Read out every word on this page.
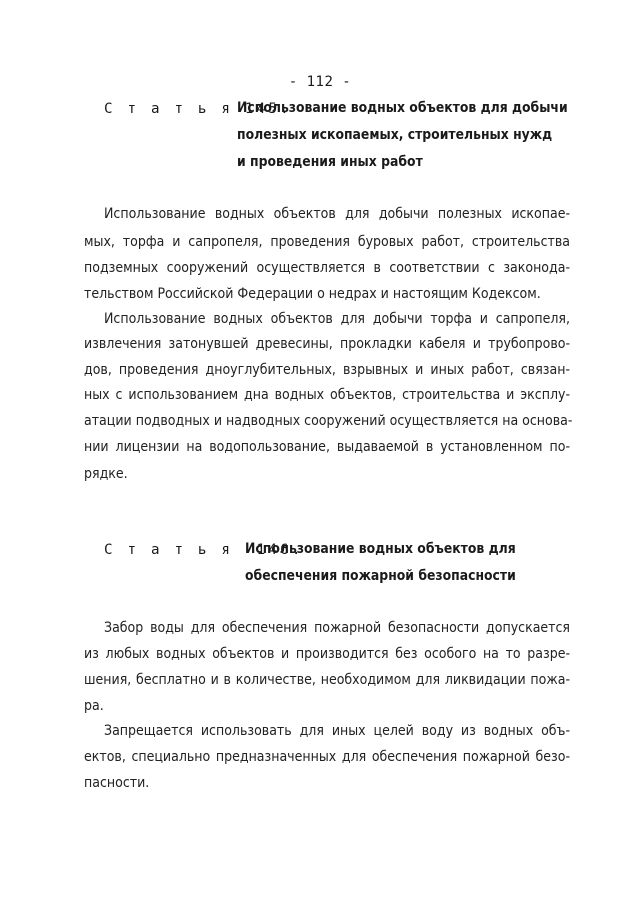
- 112 -
С т а т ь я 145.
Использование водных объектов для добычи
полезных ископаемых, строительных нужд
и проведения иных работ
Использование водных объектов для добычи полезных ископае-
мых, торфа и сапропеля, проведения буровых работ, строительства
подземных сооружений осуществляется в соответствии с законода-
тельством Российской Федерации о недрах и настоящим Кодексом.
Использование водных объектов для добычи торфа и сапропеля,
извлечения затонувшей древесины, прокладки кабеля и трубопрово-
дов, проведения дноуглубительных, взрывных и иных работ, связан-
ных с использованием дна водных объектов, строительства и эксплу-
атации подводных и надводных сооружений осуществляется на основа-
нии лицензии на водопользование, выдаваемой в установленном по-
рядке.
С т а т ь я  146.
Использование водных объектов для
обеспечения пожарной безопасности
Забор воды для обеспечения пожарной безопасности допускается
из любых водных объектов и производится без особого на то разре-
шения, бесплатно и в количестве, необходимом для ликвидации пожа-
ра.
Запрещается использовать для иных целей воду из водных объ-
ектов, специально предназначенных для обеспечения пожарной безо-
пасности.
